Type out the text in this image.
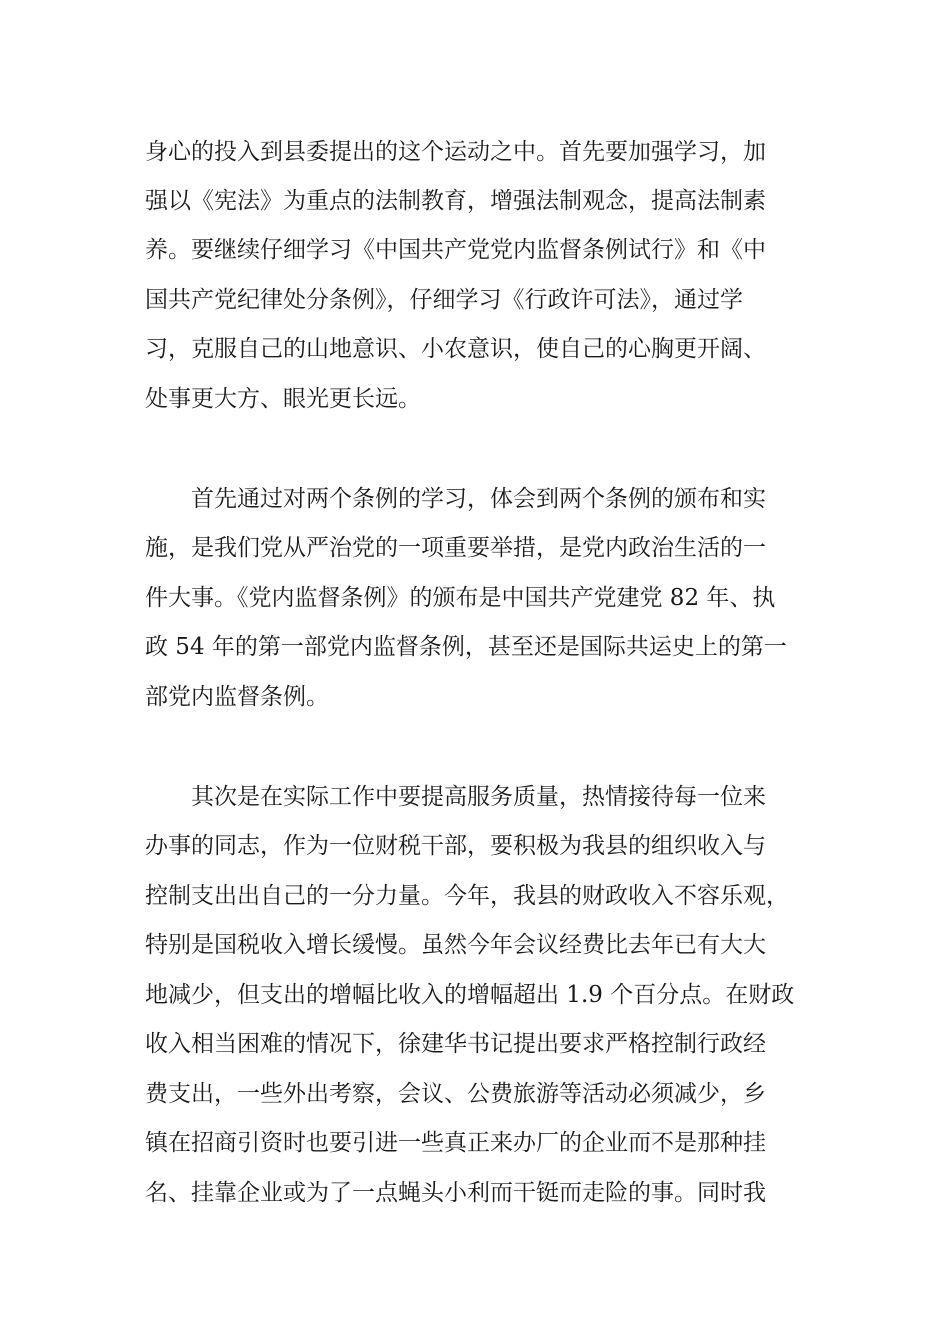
身心的投入到县委提出的这个运动之中。首先要加强学习，加
强以《宪法》为重点的法制教育，增强法制观念，提高法制素
养。要继续仔细学习《中国共产党党内监督条例试行》和《中
国共产党纪律处分条例》，仔细学习《行政许可法》，通过学
习，克服自己的山地意识、小农意识，使自己的心胸更开阔、
处事更大方、眼光更长远。
首先通过对两个条例的学习，体会到两个条例的颁布和实
施，是我们党从严治党的一项重要举措，是党内政治生活的一
件大事。《党内监督条例》的颁布是中国共产党建党 82 年、执
政 54 年的第一部党内监督条例，甚至还是国际共运史上的第一
部党内监督条例。
其次是在实际工作中要提高服务质量，热情接待每一位来
办事的同志，作为一位财税干部，要积极为我县的组织收入与
控制支出出自己的一分力量。今年，我县的财政收入不容乐观，
特别是国税收入增长缓慢。虽然今年会议经费比去年已有大大
地减少，但支出的增幅比收入的增幅超出 1.9 个百分点。在财政
收入相当困难的情况下，徐建华书记提出要求严格控制行政经
费支出，一些外出考察，会议、公费旅游等活动必须减少，乡
镇在招商引资时也要引进一些真正来办厂的企业而不是那种挂
名、挂靠企业或为了一点蝇头小利而干铤而走险的事。同时我
